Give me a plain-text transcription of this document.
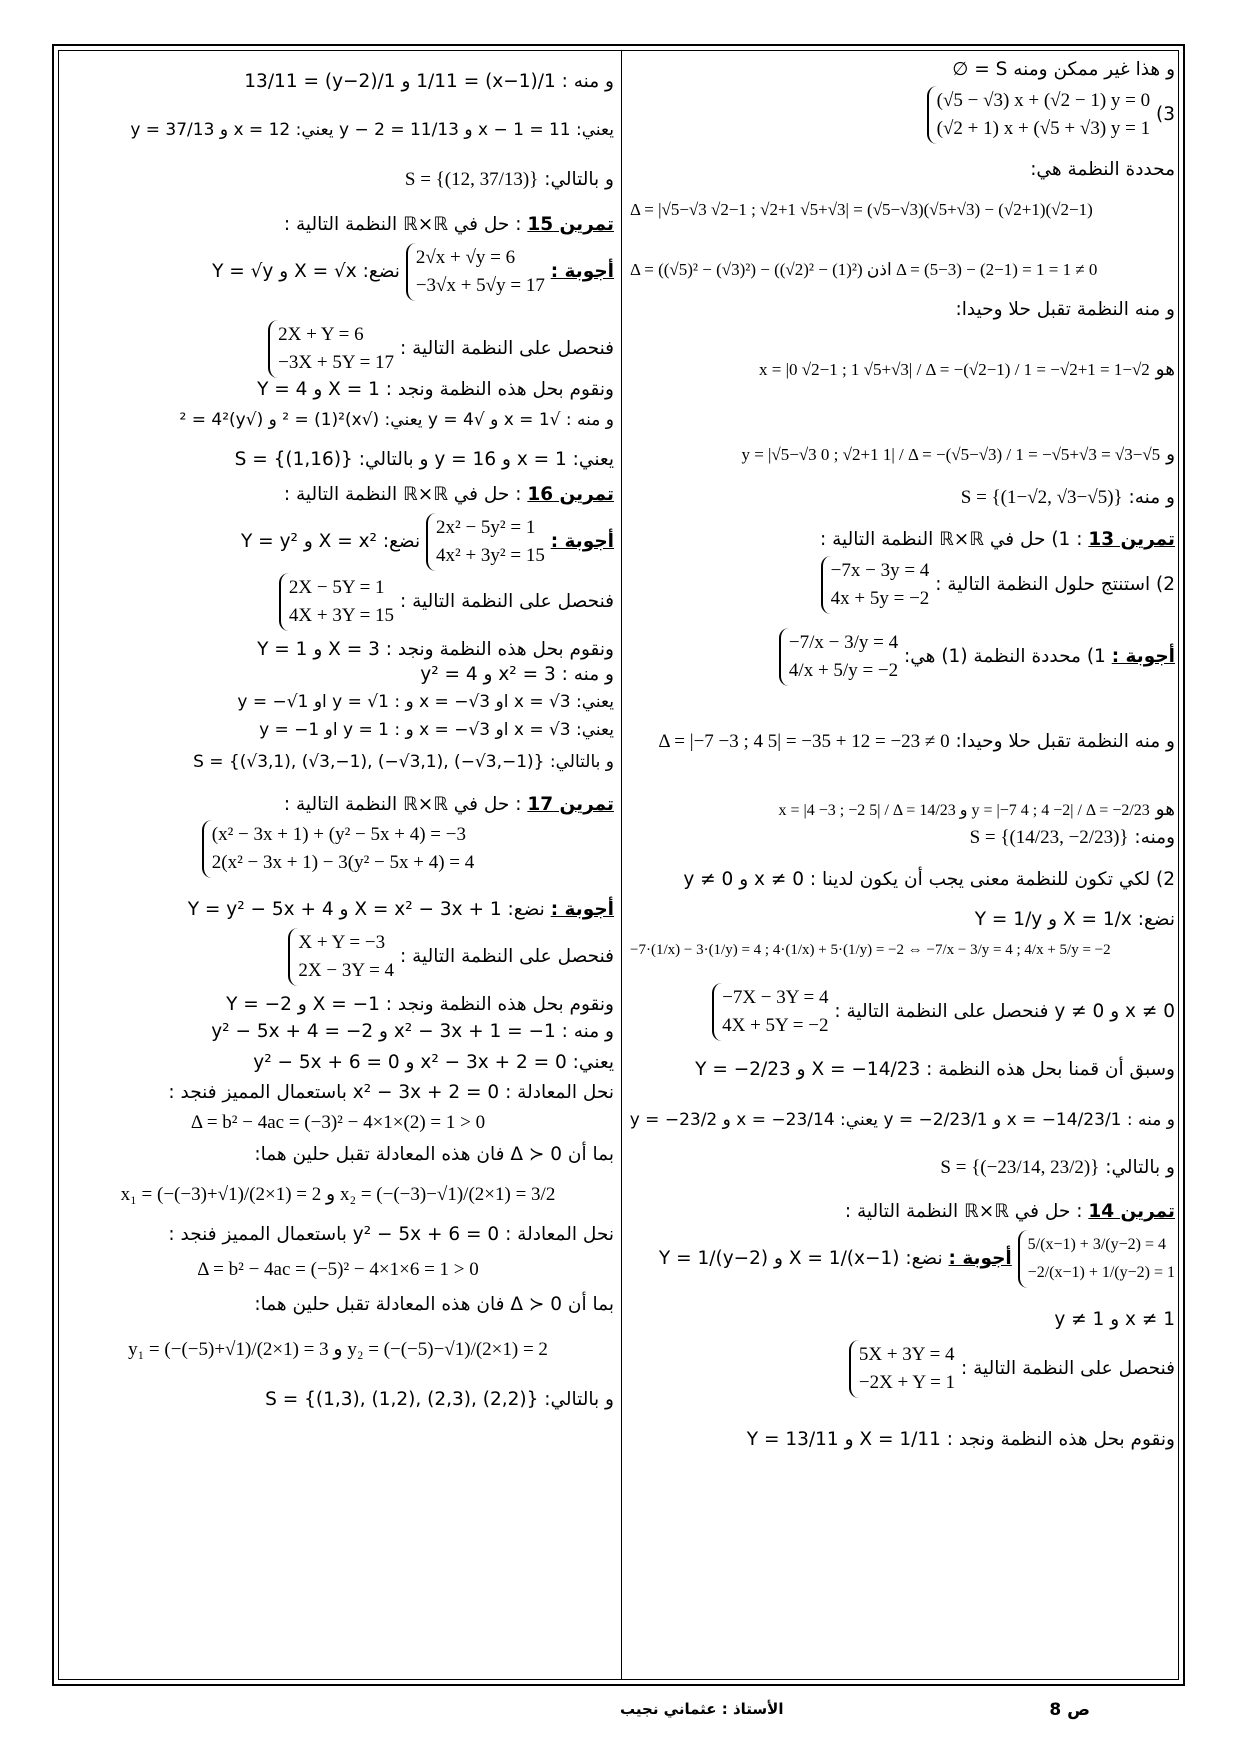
و هذا غير ممكن ومنه S = ∅
3)
(√5 − √3) x + (√2 − 1) y = 0
(√2 + 1) x + (√5 + √3) y = 1
محددة النظمة هي:
Δ = |√5−√3 √2−1 ; √2+1 √5+√3| = (√5−√3)(√5+√3) − (√2+1)(√2−1)
Δ = ((√5)² − (√3)²) − ((√2)² − (1)²) اذن Δ = (5−3) − (2−1) = 1 = 1 ≠ 0
و منه النظمة تقبل حلا وحيدا:
هو x = |0 √2−1 ; 1 √5+√3| / Δ = −(√2−1) / 1 = −√2+1 = 1−√2
و y = |√5−√3 0 ; √2+1 1| / Δ = −(√5−√3) / 1 = −√5+√3 = √3−√5
و منه: S = {(1−√2, √3−√5)}
تمرين 13 : 1) حل في ℝ×ℝ النظمة التالية :
2) استنتج حلول النظمة التالية :
−7x − 3y = 4
4x + 5y = −2
أجوبة : 1) محددة النظمة (1) هي:
−7/x − 3/y = 4
4/x + 5/y = −2
و منه النظمة تقبل حلا وحيدا: Δ = |−7 −3 ; 4 5| = −35 + 12 = −23 ≠ 0
هو x = |4 −3 ; −2 5| / Δ = 14/23 و y = |−7 4 ; 4 −2| / Δ = −2/23
ومنه: S = {(14/23, −2/23)}
2) لكي تكون للنظمة معنى يجب أن يكون لدينا : x ≠ 0 و y ≠ 0
نضع: X = 1/x و Y = 1/y
−7·(1/x) − 3·(1/y) = 4 ; 4·(1/x) + 5·(1/y) = −2 ⇔ −7/x − 3/y = 4 ; 4/x + 5/y = −2
x ≠ 0 و y ≠ 0 فنحصل على النظمة التالية :
−7X − 3Y = 4
4X + 5Y = −2
وسبق أن قمنا بحل هذه النظمة : X = −14/23 و Y = −2/23
و منه : 1/x = −14/23 و 1/y = −2/23 يعني: x = −23/14 و y = −23/2
و بالتالي: S = {(−23/14, 23/2)}
تمرين 14 : حل في ℝ×ℝ النظمة التالية :
5/(x−1) + 3/(y−2) = 4
−2/(x−1) + 1/(y−2) = 1
أجوبة : نضع: X = 1/(x−1) و Y = 1/(y−2)
x ≠ 1 و y ≠ 1
فنحصل على النظمة التالية :
5X + 3Y = 4
−2X + Y = 1
ونقوم بحل هذه النظمة ونجد : X = 1/11 و Y = 13/11
و منه : 1/(x−1) = 1/11 و 1/(y−2) = 13/11
يعني: x − 1 = 11 و y − 2 = 11/13 يعني: x = 12 و y = 37/13
و بالتالي: S = {(12, 37/13)}
تمرين 15 : حل في ℝ×ℝ النظمة التالية :
أجوبة :
2√x + √y = 6
−3√x + 5√y = 17
نضع: X = √x و Y = √y
فنحصل على النظمة التالية :
2X + Y = 6
−3X + 5Y = 17
ونقوم بحل هذه النظمة ونجد : X = 1 و Y = 4
و منه : √x = 1 و √y = 4 يعني: (√x)² = (1)² و (√y)² = 4²
يعني: x = 1 و y = 16 و بالتالي: S = {(1,16)}
تمرين 16 : حل في ℝ×ℝ النظمة التالية :
أجوبة :
2x² − 5y² = 1
4x² + 3y² = 15
نضع: X = x² و Y = y²
فنحصل على النظمة التالية :
2X − 5Y = 1
4X + 3Y = 15
ونقوم بحل هذه النظمة ونجد : X = 3 و Y = 1
و منه : x² = 3 و y² = 4
يعني: x = √3 او x = −√3 و : y = √1 او y = −√1
يعني: x = √3 او x = −√3 و : y = 1 او y = −1
و بالتالي: S = {(√3,1), (√3,−1), (−√3,1), (−√3,−1)}
تمرين 17 : حل في ℝ×ℝ النظمة التالية :
(x² − 3x + 1) + (y² − 5x + 4) = −3
2(x² − 3x + 1) − 3(y² − 5x + 4) = 4
أجوبة : نضع: X = x² − 3x + 1 و Y = y² − 5x + 4
فنحصل على النظمة التالية :
X + Y = −3
2X − 3Y = 4
ونقوم بحل هذه النظمة ونجد : X = −1 و Y = −2
و منه : x² − 3x + 1 = −1 و y² − 5x + 4 = −2
يعني: x² − 3x + 2 = 0 و y² − 5x + 6 = 0
نحل المعادلة : x² − 3x + 2 = 0 باستعمال المميز فنجد :
Δ = b² − 4ac = (−3)² − 4×1×(2) = 1 > 0
بما أن Δ ≻ 0 فان هذه المعادلة تقبل حلين هما:
x₁ = (−(−3)+√1)/(2×1) = 2 و x₂ = (−(−3)−√1)/(2×1) = 3/2
نحل المعادلة : y² − 5x + 6 = 0 باستعمال المميز فنجد :
Δ = b² − 4ac = (−5)² − 4×1×6 = 1 > 0
بما أن Δ ≻ 0 فان هذه المعادلة تقبل حلين هما:
y₁ = (−(−5)+√1)/(2×1) = 3 و y₂ = (−(−5)−√1)/(2×1) = 2
و بالتالي: S = {(1,3), (1,2), (2,3), (2,2)}
ص 8
الأستاذ : عثماني نجيب
